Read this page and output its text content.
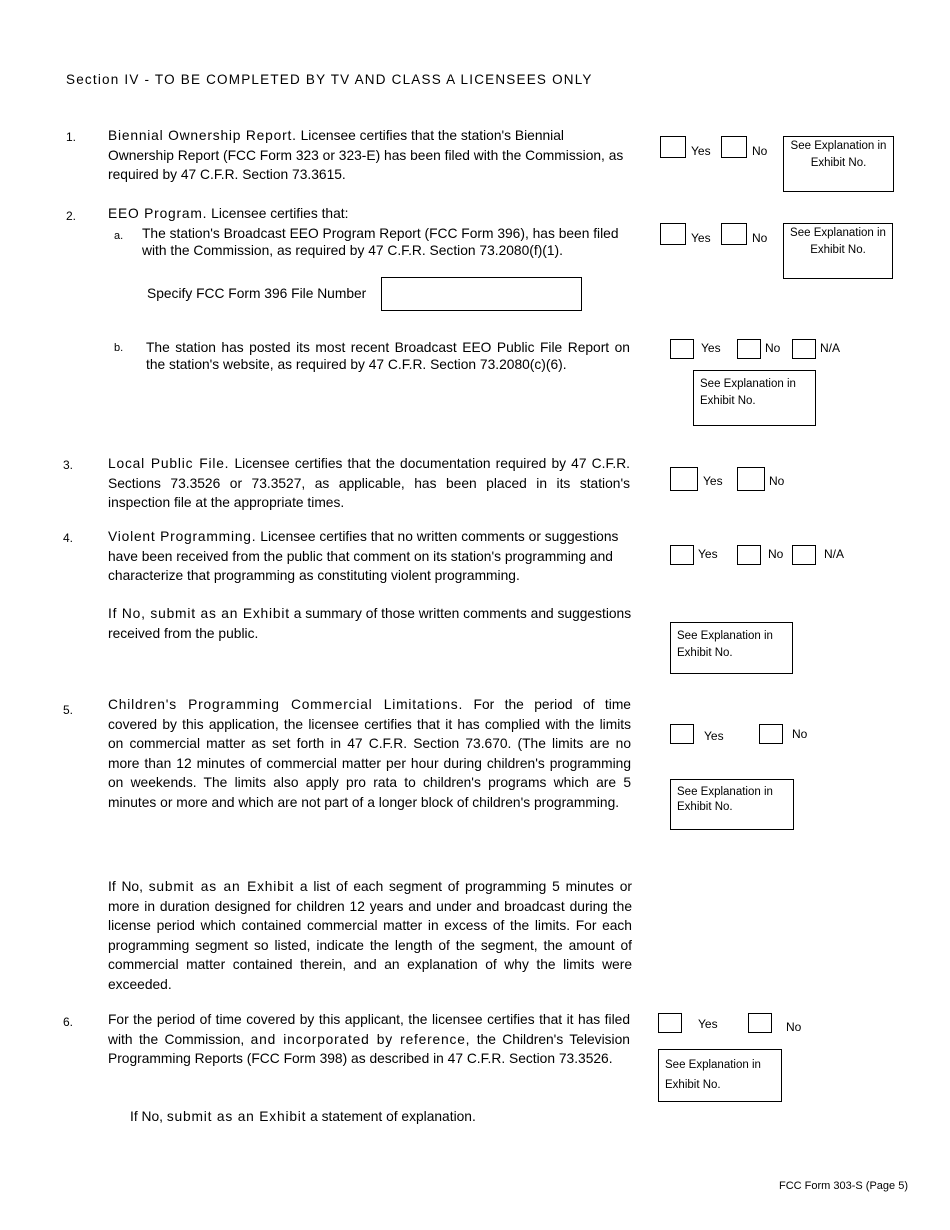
Section IV - TO BE COMPLETED BY TV AND CLASS A LICENSEES ONLY
1. Biennial Ownership Report. Licensee certifies that the station's Biennial Ownership Report (FCC Form 323 or 323-E) has been filed with the Commission, as required by 47 C.F.R. Section 73.3615.
Yes	No	See Explanation in
Exhibit No.
2. EEO Program. Licensee certifies that:
a. The station's Broadcast EEO Program Report (FCC Form 396), has been filed with the Commission, as required by 47 C.F.R. Section 73.2080(f)(1).
Yes	No	See Explanation in
Exhibit No.
Specify FCC Form 396 File Number
b. The station has posted its most recent Broadcast EEO Public File Report on the station's website, as required by 47 C.F.R. Section 73.2080(c)(6).
Yes	No	N/A
See Explanation in
Exhibit No.
3.	Local Public File. Licensee certifies that the documentation required by 47 C.F.R. Sections 73.3526 or 73.3527, as applicable, has been placed in its station's inspection file at the appropriate times.
Yes	No
4.	Violent Programming. Licensee certifies that no written comments or suggestions have been received from the public that comment on its station's programming and characterize that programming as constituting violent programming.
Yes	No	N/A
If No, submit as an Exhibit a summary of those written comments and suggestions received from the public.	See Explanation in
Exhibit No.
5.	Children's Programming Commercial Limitations. For the period of time covered by this application, the licensee certifies that it has complied with the limits on commercial matter as set forth in 47 C.F.R. Section 73.670. (The limits are no more than 12 minutes of commercial matter per hour during children's programming on weekends. The limits also apply pro rata to children's programs which are 5 minutes or more and which are not part of a longer block of children's programming.
Yes	No
See Explanation in
Exhibit No.
If No, submit as an Exhibit a list of each segment of programming 5 minutes or more in duration designed for children 12 years and under and broadcast during the license period which contained commercial matter in excess of the limits. For each programming segment so listed, indicate the length of the segment, the amount of commercial matter contained therein, and an explanation of why the limits were exceeded.
6.	For the period of time covered by this applicant, the licensee certifies that it has filed with the Commission, and incorporated by reference, the Children's Television Programming Reports (FCC Form 398) as described in 47 C.F.R. Section 73.3526.
Yes	No
See Explanation in
Exhibit No.
If No, submit as an Exhibit a statement of explanation.
FCC Form 303-S (Page 5)
